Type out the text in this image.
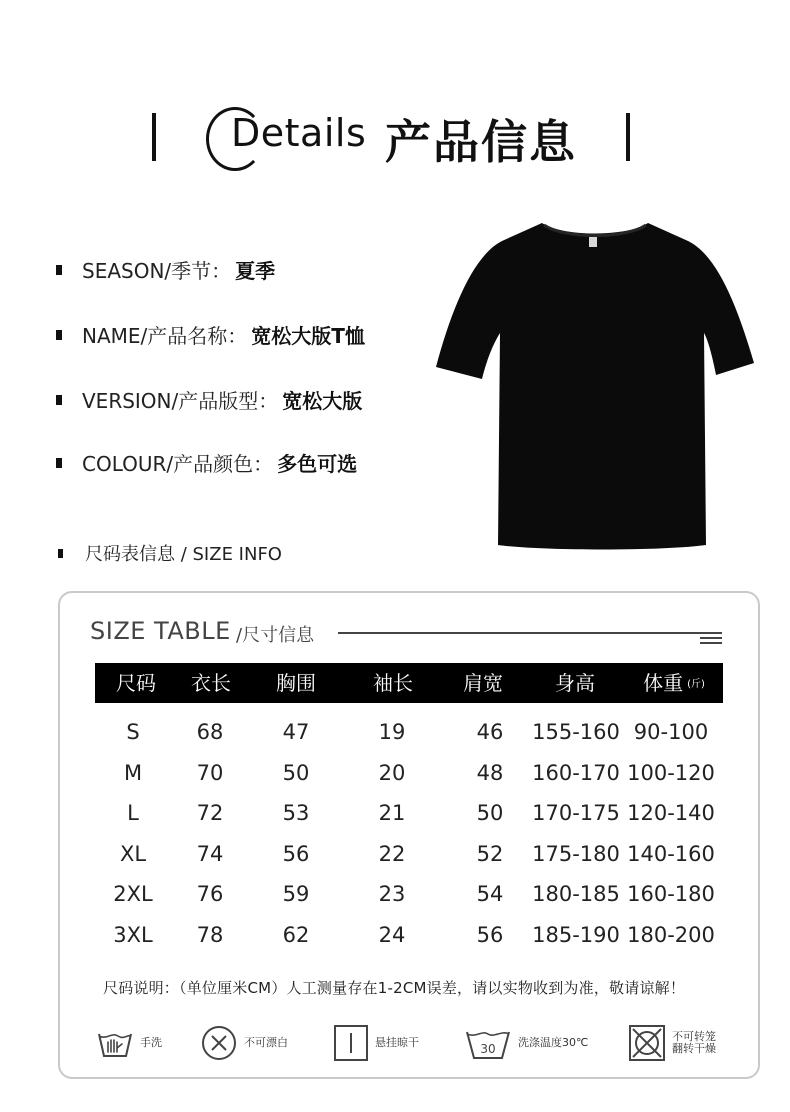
Details 产品信息
SEASON/季节： 夏季
NAME/产品名称： 宽松大版T恤
VERSION/产品版型： 宽松大版
COLOUR/产品颜色： 多色可选
尺码表信息 / SIZE INFO
SIZE TABLE /尺寸信息
尺码	衣长	胸围	袖长	肩宽	身高	体重 (斤)
S	68	47	19	46	155-160 90-100
M	70	50	20	48	160-170 100-120
L	72	53	21	50	170-175 120-140
XL	74	56	22	52	175-180 140-160
2XL	76	59	23	54	180-185 160-180
3XL	78	62	24	56	185-190 180-200
尺码说明：（单位厘米CM）人工测量存在1-2CM误差，请以实物收到为准，敬请谅解！
手洗	不可漂白	悬挂晾干	30 洗涤温度30℃	不可转笼
翻转干燥
